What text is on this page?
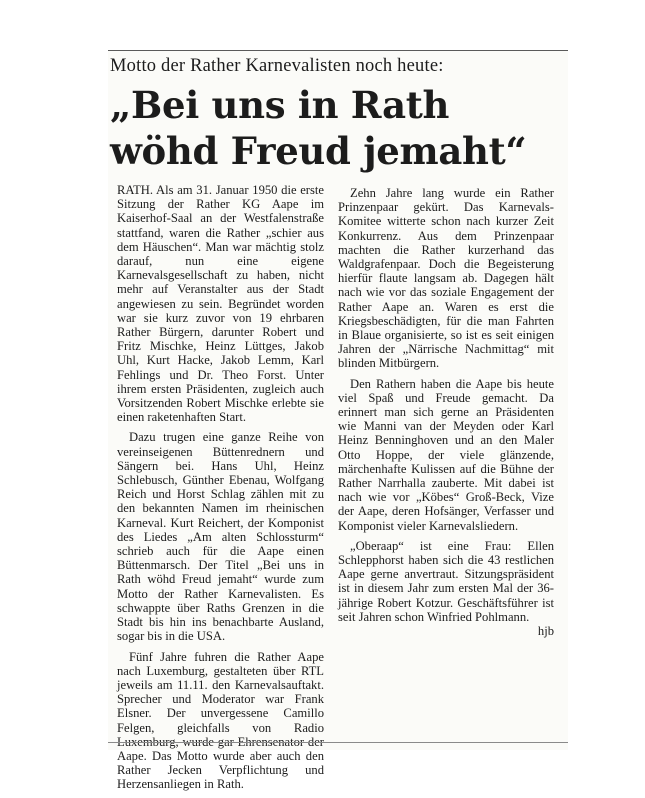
Motto der Rather Karnevalisten noch heute:
„Bei uns in Rath
wöhd Freud jemaht“

RATH. Als am 31. Januar 1950 die erste Sitzung der Rather KG Aape im Kaiserhof-Saal an der Westfalenstraße stattfand, waren die Rather „schier aus dem Häuschen“. Man war mächtig stolz darauf, nun eine eigene Karnevalsgesellschaft zu haben, nicht mehr auf Veranstalter aus der Stadt angewiesen zu sein. Begründet worden war sie kurz zuvor von 19 ehrbaren Rather Bürgern, darunter Robert und Fritz Mischke, Heinz Lüttges, Jakob Uhl, Kurt Hacke, Jakob Lemm, Karl Fehlings und Dr. Theo Forst. Unter ihrem ersten Präsidenten, zugleich auch Vorsitzenden Robert Mischke erlebte sie einen raketenhaften Start.

Dazu trugen eine ganze Reihe von vereinseigenen Büttenrednern und Sängern bei. Hans Uhl, Heinz Schlebusch, Günther Ebenau, Wolfgang Reich und Horst Schlag zählen mit zu den bekannten Namen im rheinischen Karneval. Kurt Reichert, der Komponist des Liedes „Am alten Schlossturm“ schrieb auch für die Aape einen Büttenmarsch. Der Titel „Bei uns in Rath wöhd Freud jemaht“ wurde zum Motto der Rather Karnevalisten. Es schwappte über Raths Grenzen in die Stadt bis hin ins benachbarte Ausland, sogar bis in die USA.

Fünf Jahre fuhren die Rather Aape nach Luxemburg, gestalteten über RTL jeweils am 11.11. den Karnevalsauftakt. Sprecher und Moderator war Frank Elsner. Der unvergessene Camillo Felgen, gleichfalls von Radio Luxemburg, wurde gar Ehrensenator der Aape. Das Motto wurde aber auch den Rather Jecken Verpflichtung und Herzensanliegen in Rath.

Zehn Jahre lang wurde ein Rather Prinzenpaar gekürt. Das Karnevals-Komitee witterte schon nach kurzer Zeit Konkurrenz. Aus dem Prinzenpaar machten die Rather kurzerhand das Waldgrafenpaar. Doch die Begeisterung hierfür flaute langsam ab. Dagegen hält nach wie vor das soziale Engagement der Rather Aape an. Waren es erst die Kriegsbeschädigten, für die man Fahrten in Blaue organisierte, so ist es seit einigen Jahren der „Närrische Nachmittag“ mit blinden Mitbürgern.

Den Rathern haben die Aape bis heute viel Spaß und Freude gemacht. Da erinnert man sich gerne an Präsidenten wie Manni van der Meyden oder Karl Heinz Benninghoven und an den Maler Otto Hoppe, der viele glänzende, märchenhafte Kulissen auf die Bühne der Rather Narrhalla zauberte. Mit dabei ist nach wie vor „Köbes“ Groß-Beck, Vize der Aape, deren Hofsänger, Verfasser und Komponist vieler Karnevalsliedern.

„Oberaap“ ist eine Frau: Ellen Schlepphorst haben sich die 43 restlichen Aape gerne anvertraut. Sitzungspräsident ist in diesem Jahr zum ersten Mal der 36-jährige Robert Kotzur. Geschäftsführer ist seit Jahren schon Winfried Pohlmann.
hjb
